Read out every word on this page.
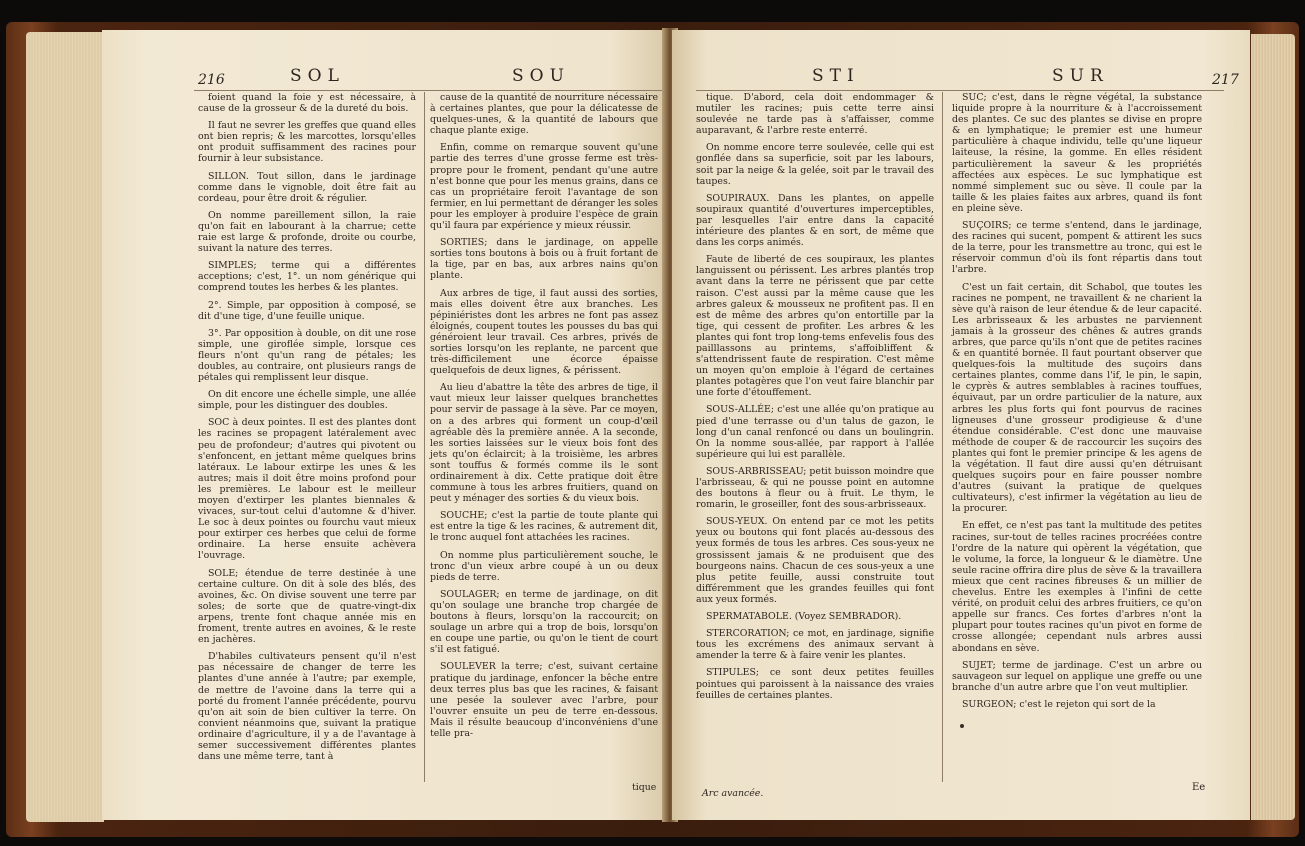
216	SOL	SOU

foient quand la foie y est nécessaire, à cause de la grosseur & de la dureté du bois.

Il faut ne sevrer les greffes que quand elles ont bien repris; & les marcottes, lorsqu'elles ont produit suffisamment des racines pour fournir à leur subsistance.

SILLON. Tout sillon, dans le jardinage comme dans le vignoble, doit être fait au cordeau, pour être droit & régulier.

On nomme pareillement sillon, la raie qu'on fait en labourant à la charrue; cette raie est large & profonde, droite ou courbe, suivant la nature des terres.

SIMPLES; terme qui a différentes acceptions; c'est, 1°. un nom générique qui comprend toutes les herbes & les plantes.

2°. Simple, par opposition à composé, se dit d'une tige, d'une feuille unique.

3°. Par opposition à double, on dit une rose simple, une giroflée simple, lorsque ces fleurs n'ont qu'un rang de pétales; les doubles, au contraire, ont plusieurs rangs de pétales qui remplissent leur disque.

On dit encore une échelle simple, une allée simple, pour les distinguer des doubles.

SOC à deux pointes. Il est des plantes dont les racines se propagent latéralement avec peu de profondeur; d'autres qui pivotent ou s'enfoncent, en jettant même quelques brins latéraux. Le labour extirpe les unes & les autres; mais il doit être moins profond pour les premières. Le labour est le meilleur moyen d'extirper les plantes biennales & vivaces, sur-tout celui d'automne & d'hiver. Le soc à deux pointes ou fourchu vaut mieux pour extirper ces herbes que celui de forme ordinaire. La herse ensuite achèvera l'ouvrage.

SOLE; étendue de terre destinée à une certaine culture. On dit à sole des blés, des avoines, &c. On divise souvent une terre par soles; de sorte que de quatre-vingt-dix arpens, trente font chaque année mis en froment, trente autres en avoines, & le reste en jachères.

D'habiles cultivateurs pensent qu'il n'est pas nécessaire de changer de terre les plantes d'une année à l'autre; par exemple, de mettre de l'avoine dans la terre qui a porté du froment l'année précédente, pourvu qu'on ait soin de bien cultiver la terre. On convient néanmoins que, suivant la pratique ordinaire d'agriculture, il y a de l'avantage à semer successivement différentes plantes dans une même terre, tant à

cause de la quantité de nourriture nécessaire à certaines plantes, que pour la délicatesse de quelques-unes, & la quantité de labours que chaque plante exige.

Enfin, comme on remarque souvent qu'une partie des terres d'une grosse ferme est très-propre pour le froment, pendant qu'une autre n'est bonne que pour les menus grains, dans ce cas un propriétaire feroit l'avantage de son fermier, en lui permettant de déranger les soles pour les employer à produire l'espèce de grain qu'il faura par expérience y mieux réussir.

SORTIES; dans le jardinage, on appelle sorties tons boutons à bois ou à fruit fortant de la tige, par en bas, aux arbres nains qu'on plante.

Aux arbres de tige, il faut aussi des sorties, mais elles doivent être aux branches. Les pépiniéristes dont les arbres ne font pas assez éloignés, coupent toutes les pousses du bas qui généroient leur travail. Ces arbres, privés de sorties lorsqu'on les replante, ne parcent que très-difficilement une écorce épaisse quelquefois de deux lignes, & périssent.

Au lieu d'abattre la tête des arbres de tige, il vaut mieux leur laisser quelques branchettes pour servir de passage à la sève. Par ce moyen, on a des arbres qui forment un coup-d'œil agréable dès la première année. A la seconde, les sorties laissées sur le vieux bois font des jets qu'on éclaircit; à la troisième, les arbres sont touffus & formés comme ils le sont ordinairement à dix. Cette pratique doit être commune à tous les arbres fruitiers, quand on peut y ménager des sorties & du vieux bois.

SOUCHE; c'est la partie de toute plante qui est entre la tige & les racines, & autrement dit, le tronc auquel font attachées les racines.

On nomme plus particulièrement souche, le tronc d'un vieux arbre coupé à un ou deux pieds de terre.

SOULAGER; en terme de jardinage, on dit qu'on soulage une branche trop chargée de boutons à fleurs, lorsqu'on la raccourcit; on soulage un arbre qui a trop de bois, lorsqu'on en coupe une partie, ou qu'on le tient de court s'il est fatigué.

SOULEVER la terre; c'est, suivant certaine pratique du jardinage, enfoncer la bêche entre deux terres plus bas que les racines, & faisant une pesée la soulever avec l'arbre, pour l'ouvrer ensuite un peu de terre en-dessous. Mais il résulte beaucoup d'inconvéniens d'une telle pra-

tique
STI	SUR	217

tique. D'abord, cela doit endommager & mutiler les racines; puis cette terre ainsi soulevée ne tarde pas à s'affaisser, comme auparavant, & l'arbre reste enterré.

On nomme encore terre soulevée, celle qui est gonflée dans sa superficie, soit par les labours, soit par la neige & la gelée, soit par le travail des taupes.

SOUPIRAUX. Dans les plantes, on appelle soupiraux quantité d'ouvertures imperceptibles, par lesquelles l'air entre dans la capacité intérieure des plantes & en sort, de même que dans les corps animés.

Faute de liberté de ces soupiraux, les plantes languissent ou périssent. Les arbres plantés trop avant dans la terre ne périssent que par cette raison. C'est aussi par la même cause que les arbres galeux & mousseux ne profitent pas. Il en est de même des arbres qu'on entortille par la tige, qui cessent de profiter. Les arbres & les plantes qui font trop long-tems enfevelis fous des pailllassons au printems, s'affoibliffent & s'attendrissent faute de respiration. C'est même un moyen qu'on emploie à l'égard de certaines plantes potagères que l'on veut faire blanchir par une forte d'étouffement.

SOUS-ALLÉE; c'est une allée qu'on pratique au pied d'une terrasse ou d'un talus de gazon, le long d'un canal renfoncé ou dans un boulingrin. On la nomme sous-allée, par rapport à l'allée supérieure qui lui est parallèle.

SOUS-ARBRISSEAU; petit buisson moindre que l'arbrisseau, & qui ne pousse point en automne des boutons à fleur ou à fruit. Le thym, le romarin, le groseiller, font des sous-arbrisseaux.

SOUS-YEUX. On entend par ce mot les petits yeux ou boutons qui font placés au-dessous des yeux formés de tous les arbres. Ces sous-yeux ne grossissent jamais & ne produisent que des bourgeons nains. Chacun de ces sous-yeux a une plus petite feuille, aussi construite tout différemment que les grandes feuilles qui font aux yeux formés.

SPERMATABOLE. (Voyez SEMBRADOR).

STERCORATION; ce mot, en jardinage, signifie tous les excrémens des animaux servant à amender la terre & à faire venir les plantes.

STIPULES; ce sont deux petites feuilles pointues qui paroissent à la naissance des vraies feuilles de certaines plantes.

SUC; c'est, dans le règne végétal, la substance liquide propre à la nourriture & à l'accroissement des plantes. Ce suc des plantes se divise en propre & en lymphatique; le premier est une humeur particulière à chaque individu, telle qu'une liqueur laiteuse, la résine, la gomme. En elles résident particulièrement la saveur & les propriétés affectées aux espèces. Le suc lymphatique est nommé simplement suc ou sève. Il coule par la taille & les plaies faites aux arbres, quand ils font en pleine sève.

SUÇOIRS; ce terme s'entend, dans le jardinage, des racines qui sucent, pompent & attirent les sucs de la terre, pour les transmettre au tronc, qui est le réservoir commun d'où ils font répartis dans tout l'arbre.

C'est un fait certain, dit Schabol, que toutes les racines ne pompent, ne travaillent & ne charient la sève qu'à raison de leur étendue & de leur capacité. Les arbrisseaux & les arbustes ne parviennent jamais à la grosseur des chênes & autres grands arbres, que parce qu'ils n'ont que de petites racines & en quantité bornée. Il faut pourtant observer que quelques-fois la multitude des suçoirs dans certaines plantes, comme dans l'if, le pin, le sapin, le cyprès & autres semblables à racines touffues, équivaut, par un ordre particulier de la nature, aux arbres les plus forts qui font pourvus de racines ligneuses d'une grosseur prodigieuse & d'une étendue considérable. C'est donc une mauvaise méthode de couper & de raccourcir les suçoirs des plantes qui font le premier principe & les agens de la végétation. Il faut dire aussi qu'en détruisant quelques suçoirs pour en faire pousser nombre d'autres (suivant la pratique de quelques cultivateurs), c'est infirmer la végétation au lieu de la procurer.

En effet, ce n'est pas tant la multitude des petites racines, sur-tout de telles racines procréées contre l'ordre de la nature qui opèrent la végétation, que le volume, la force, la longueur & le diamètre. Une seule racine offrira dire plus de sève & la travaillera mieux que cent racines fibreuses & un millier de chevelus. Entre les exemples à l'infini de cette vérité, on produit celui des arbres fruitiers, ce qu'on appelle sur francs. Ces fortes d'arbres n'ont la plupart pour toutes racines qu'un pivot en forme de crosse allongée; cependant nuls arbres aussi abondans en sève.

SUJET; terme de jardinage. C'est un arbre ou sauvageon sur lequel on applique une greffe ou une branche d'un autre arbre que l'on veut multiplier.

SURGEON; c'est le rejeton qui sort de la

Arc avancée.
Ee
